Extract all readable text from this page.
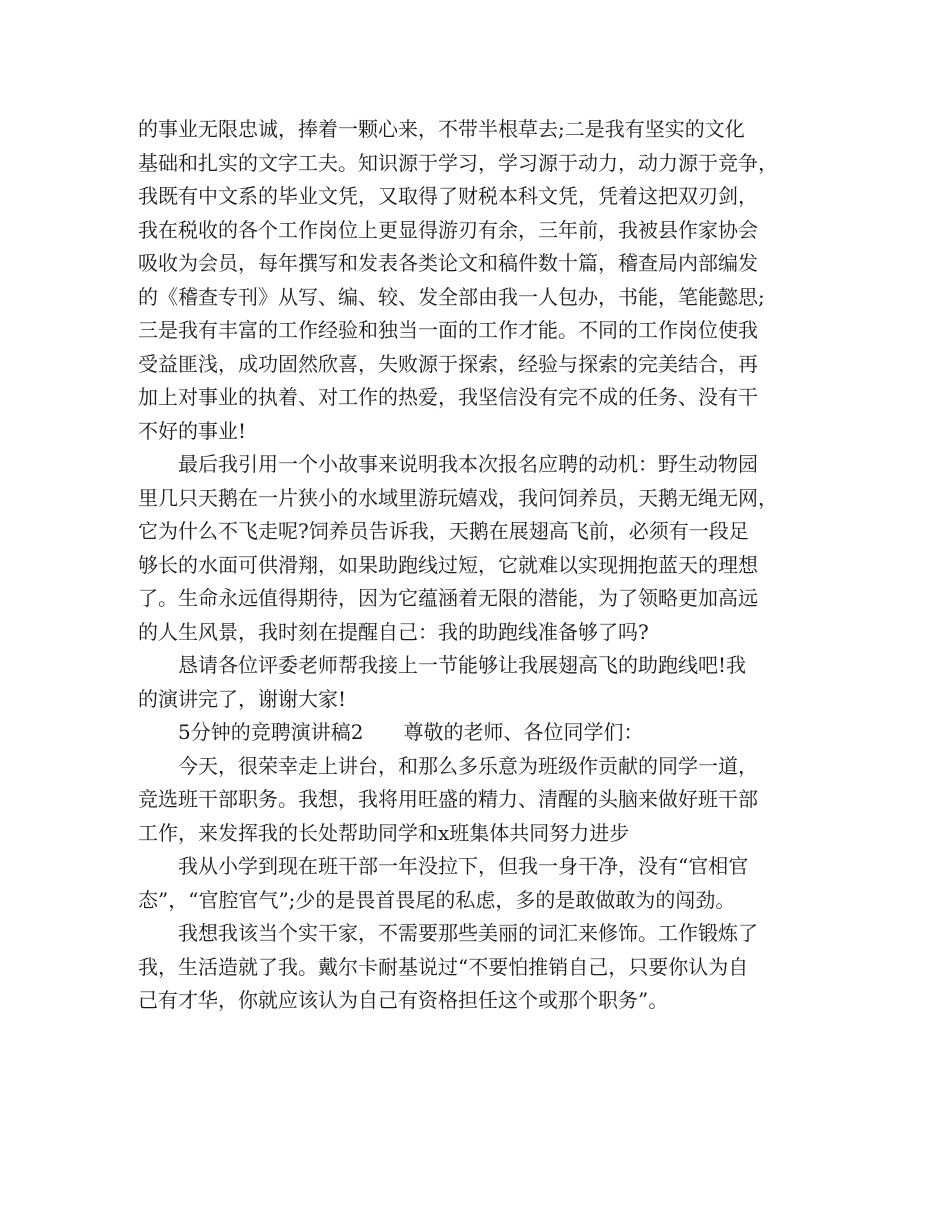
的事业无限忠诚，捧着一颗心来，不带半根草去;二是我有坚实的文化
基础和扎实的文字工夫。知识源于学习，学习源于动力，动力源于竞争，
我既有中文系的毕业文凭，又取得了财税本科文凭，凭着这把双刃剑，
我在税收的各个工作岗位上更显得游刃有余，三年前，我被县作家协会
吸收为会员，每年撰写和发表各类论文和稿件数十篇，稽查局内部编发
的《稽查专刊》从写、编、较、发全部由我一人包办，书能，笔能懿思;
三是我有丰富的工作经验和独当一面的工作才能。不同的工作岗位使我
受益匪浅，成功固然欣喜，失败源于探索，经验与探索的完美结合，再
加上对事业的执着、对工作的热爱，我坚信没有完不成的任务、没有干
不好的事业!
　　最后我引用一个小故事来说明我本次报名应聘的动机：野生动物园
里几只天鹅在一片狭小的水域里游玩嬉戏，我问饲养员，天鹅无绳无网，
它为什么不飞走呢?饲养员告诉我，天鹅在展翅高飞前，必须有一段足
够长的水面可供滑翔，如果助跑线过短，它就难以实现拥抱蓝天的理想
了。生命永远值得期待，因为它蕴涵着无限的潜能，为了领略更加高远
的人生风景，我时刻在提醒自己：我的助跑线准备够了吗?
　　恳请各位评委老师帮我接上一节能够让我展翅高飞的助跑线吧!我
的演讲完了，谢谢大家!
　　5分钟的竞聘演讲稿2　　尊敬的老师、各位同学们：
　　今天，很荣幸走上讲台，和那么多乐意为班级作贡献的同学一道，
竞选班干部职务。我想，我将用旺盛的精力、清醒的头脑来做好班干部
工作，来发挥我的长处帮助同学和x班集体共同努力进步
　　我从小学到现在班干部一年没拉下，但我一身干净，没有“官相官
态”，“官腔官气”;少的是畏首畏尾的私虑，多的是敢做敢为的闯劲。
　　我想我该当个实干家，不需要那些美丽的词汇来修饰。工作锻炼了
我，生活造就了我。戴尔卡耐基说过“不要怕推销自己，只要你认为自
己有才华，你就应该认为自己有资格担任这个或那个职务”。
